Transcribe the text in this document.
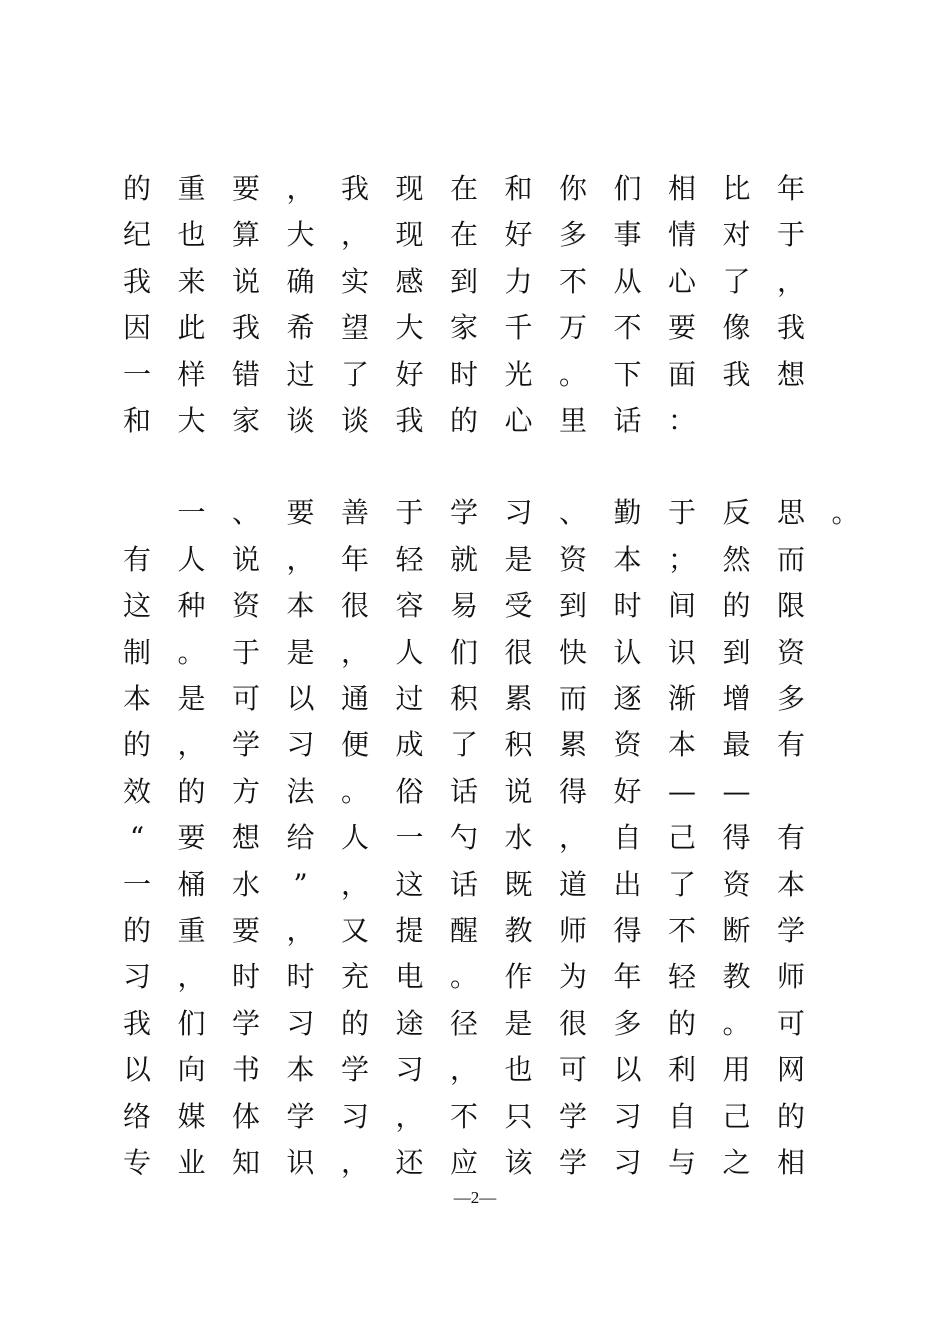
的 重 要 ， 我 现 在 和 你 们 相 比 年
纪 也 算 大 ， 现 在 好 多 事 情 对 于
我 来 说 确 实 感 到 力 不 从 心 了 ，
因 此 我 希 望 大 家 千 万 不 要 像 我
一 样 错 过 了 好 时 光 。 下 面 我 想
和 大 家 谈 谈 我 的 心 里 话 ：
一 、 要 善 于 学 习 、 勤 于 反 思 。
有 人 说 ， 年 轻 就 是 资 本 ； 然 而
这 种 资 本 很 容 易 受 到 时 间 的 限
制 。 于 是 ， 人 们 很 快 认 识 到 资
本 是 可 以 通 过 积 累 而 逐 渐 增 多
的 ， 学 习 便 成 了 积 累 资 本 最 有
效 的 方 法 。 俗 话 说 得 好 — —
“	要 想 给 人 一 勺 水 ， 自 己 得 有
一 桶 水	”	， 这 话 既 道 出 了 资 本
的 重 要 ， 又 提 醒 教 师 得 不 断 学
习 ， 时 时 充 电 。 作 为 年 轻 教 师
我 们 学 习 的 途 径 是 很 多 的 。 可
以 向 书 本 学 习 ， 也 可 以 利 用 网
络 媒 体 学 习 ， 不 只 学 习 自 己 的
专 业 知 识 ， 还 应 该 学 习 与 之 相
—2—
